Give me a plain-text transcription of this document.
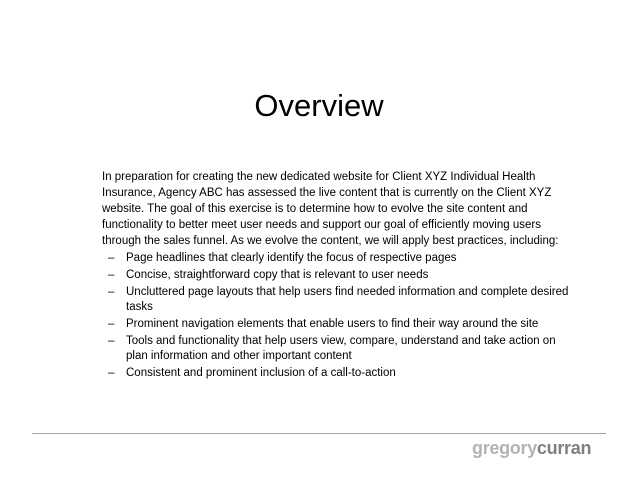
Overview

In preparation for creating the new dedicated website for Client XYZ Individual Health Insurance, Agency ABC has assessed the live content that is currently on the Client XYZ website. The goal of this exercise is to determine how to evolve the site content and functionality to better meet user needs and support our goal of efficiently moving users through the sales funnel. As we evolve the content, we will apply best practices, including:

– Page headlines that clearly identify the focus of respective pages
– Concise, straightforward copy that is relevant to user needs
– Uncluttered page layouts that help users find needed information and complete desired tasks
– Prominent navigation elements that enable users to find their way around the site
– Tools and functionality that help users view, compare, understand and take action on plan information and other important content
– Consistent and prominent inclusion of a call-to-action
gregorycurran
